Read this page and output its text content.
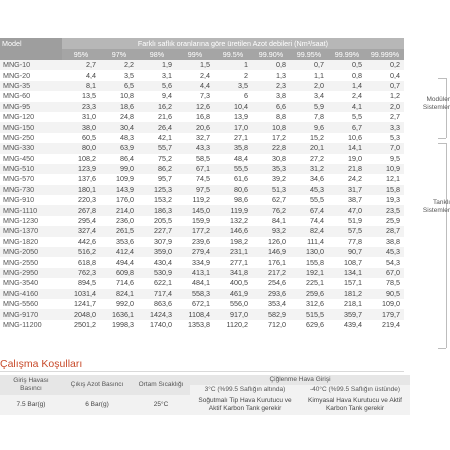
Model	Farklı saflık oranlarına göre üretilen Azot debileri (Nm³/saat)								
	95%	97%	98%	99%	99.5%	99.90%	99.95%	99.99%	99.999%
MNG-10	2,7	2,2	1,9	1,5	1	0,8	0,7	0,5	0,2
MNG-20	4,4	3,5	3,1	2,4	2	1,3	1,1	0,8	0,4
MNG-35	8,1	6,5	5,6	4,4	3,5	2,3	2,0	1,4	0,7
MNG-60	13,5	10,8	9,4	7,3	6	3,8	3,4	2,4	1,2
MNG-95	23,3	18,6	16,2	12,6	10,4	6,6	5,9	4,1	2,0
MNG-120	31,0	24,8	21,6	16,8	13,9	8,8	7,8	5,5	2,7
MNG-150	38,0	30,4	26,4	20,6	17,0	10,8	9,6	6,7	3,3
MNG-250	60,5	48,3	42,1	32,7	27,1	17,2	15,2	10,6	5,3
MNG-330	80,0	63,9	55,7	43,3	35,8	22,8	20,1	14,1	7,0
MNG-450	108,2	86,4	75,2	58,5	48,4	30,8	27,2	19,0	9,5
MNG-510	123,9	99,0	86,2	67,1	55,5	35,3	31,2	21,8	10,9
MNG-570	137,6	109,9	95,7	74,5	61,6	39,2	34,6	24,2	12,1
MNG-730	180,1	143,9	125,3	97,5	80,6	51,3	45,3	31,7	15,8
MNG-910	220,3	176,0	153,2	119,2	98,6	62,7	55,5	38,7	19,3
MNG-1110	267,8	214,0	186,3	145,0	119,9	76,2	67,4	47,0	23,5
MNG-1230	295,4	236,0	205,5	159,9	132,2	84,1	74,4	51,9	25,9
MNG-1370	327,4	261,5	227,7	177,2	146,6	93,2	82,4	57,5	28,7
MNG-1820	442,6	353,6	307,9	239,6	198,2	126,0	111,4	77,8	38,8
MNG-2050	516,2	412,4	359,0	279,4	231,1	146,9	130,0	90,7	45,3
MNG-2550	618,8	494,4	430,4	334,9	277,1	176,1	155,8	108,7	54,3
MNG-2950	762,3	609,8	530,9	413,1	341,8	217,2	192,1	134,1	67,0
MNG-3540	894,5	714,6	622,1	484,1	400,5	254,6	225,1	157,1	78,5
MNG-4160	1031,4	824,1	717,4	558,3	461,9	293,6	259,6	181,2	90,5
MNG-5560	1241,7	992,0	863,6	672,1	556,0	353,4	312,6	218,1	109,0
MNG-9170	2048,0	1636,1	1424,3	1108,4	917,0	582,9	515,5	359,7	179,7
MNG-11200	2501,2	1998,3	1740,0	1353,8	1120,2	712,0	629,6	439,4	219,4
Modüler
Sistemler
Tanklı
Sistemler
Çalışma Koşulları
Giriş Havası Basıncı	Çıkış Azot Basıncı	Ortam Sıcaklığı	Çiğlenme Hava Girişi	
			3°C (%99.5 Saflığın altında)	-40°C (%99.5 Saflığın üstünde)
7.5 Bar(g)	6 Bar(g)	25°C	Soğutmalı Tip Hava Kurutucu ve Aktif Karbon Tank gerekir	Kimyasal Hava Kurutucu ve Aktif Karbon Tank gerekir
